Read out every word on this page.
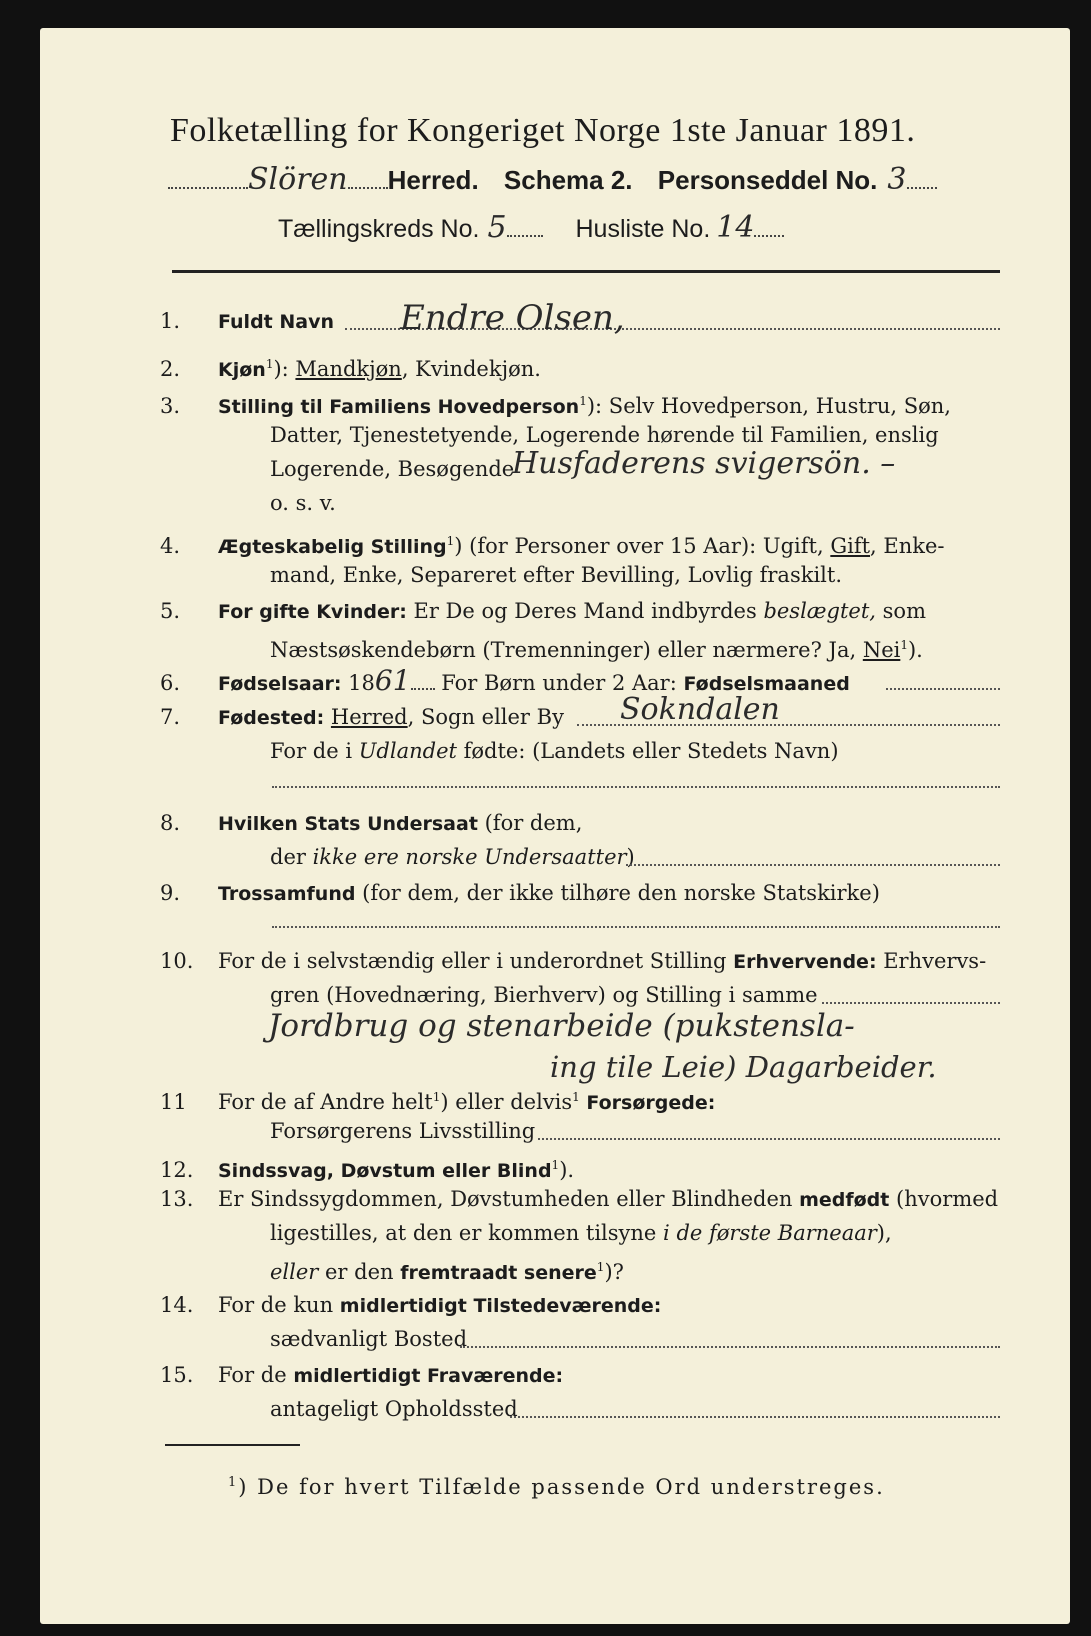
Folketælling for Kongeriget Norge 1ste Januar 1891.
Slören Herred. Schema 2. Personseddel No. 3
Tællingskreds No. 5	Husliste No. 14
1. Fuldt Navn Endre Olsen,
2. Kjøn$^1$): Mandkjøn, Kvindekjøn.
3. Stilling til Familiens Hovedperson$^1$): Selv Hovedperson, Hustru, Søn,
Datter, Tjenestetyende, Logerende hørende til Familien, enslig
Logerende, Besøgende
Husfaderens svigersön. –
o. s. v.
4. Ægteskabelig Stilling$^1$) (for Personer over 15 Aar): Ugift, Gift, Enke-
mand, Enke, Separeret efter Bevilling, Lovlig fraskilt.
5. For gifte Kvinder: Er De og Deres Mand indbyrdes beslægtet, som
Næstsøskendebørn (Tremenninger) eller nærmere? Ja, Nei$^1$).
6. Fødselsaar: 1861 For Børn under 2 Aar: Fødselsmaaned
7. Fødested: Herred, Sogn eller By Sokndalen
For de i Udlandet fødte: (Landets eller Stedets Navn)
8. Hvilken Stats Undersaat (for dem,
der ikke ere norske Undersaatter)
9. Trossamfund (for dem, der ikke tilhøre den norske Statskirke)
10. For de i selvstændig eller i underordnet Stilling Erhvervende: Erhvervs-
gren (Hovednæring, Bierhverv) og Stilling i samme
Jordbrug og stenarbeide (pukstensla-
ing tile Leie) Dagarbeider.
11 For de af Andre helt$^1$) eller delvis$^1$ Forsørgede:
Forsørgerens Livsstilling
12. Sindssvag, Døvstum eller Blind$^1$).
13. Er Sindssygdommen, Døvstumheden eller Blindheden medfødt (hvormed
ligestilles, at den er kommen tilsyne i de første Barneaar),
eller er den fremtraadt senere$^1$)?
14. For de kun midlertidigt Tilstedeværende:
sædvanligt Bosted
15. For de midlertidigt Fraværende:
antageligt Opholdssted
$^1$) De for hvert Tilfælde passende Ord understreges.
